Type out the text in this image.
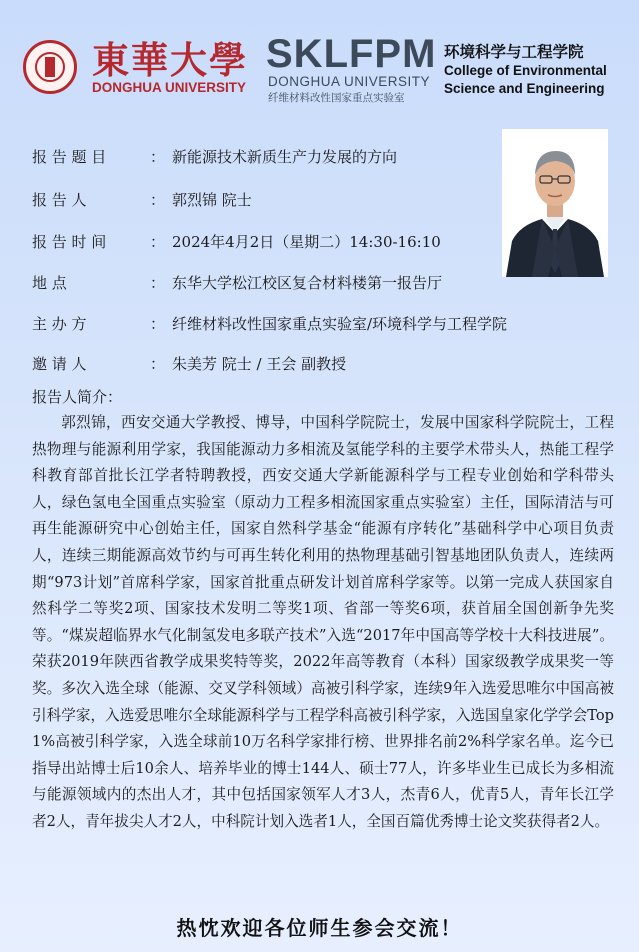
東華大學
DONGHUA UNIVERSITY
SKLFPM
DONGHUA UNIVERSITY
纤维材料改性国家重点实验室
环境科学与工程学院
College of Environmental Science and Engineering
报 告 题 目	： 新能源技术新质生产力发展的方向
报 告 人	： 郭烈锦 院士
报 告 时 间	： 2024年4月2日（星期二）14:30-16:10
地 点	： 东华大学松江校区复合材料楼第一报告厅
主 办 方	： 纤维材料改性国家重点实验室/环境科学与工程学院
邀 请 人	： 朱美芳 院士 / 王会 副教授
报告人简介：

郭烈锦，西安交通大学教授、博导，中国科学院院士，发展中国家科学院院士，工程热物理与能源利用学家，我国能源动力多相流及氢能学科的主要学术带头人，热能工程学科教育部首批长江学者特聘教授，西安交通大学新能源科学与工程专业创始和学科带头人，绿色氢电全国重点实验室（原动力工程多相流国家重点实验室）主任，国际清洁与可再生能源研究中心创始主任，国家自然科学基金“能源有序转化”基础科学中心项目负责人，连续三期能源高效节约与可再生转化利用的热物理基础引智基地团队负责人，连续两期“973计划”首席科学家，国家首批重点研发计划首席科学家等。以第一完成人获国家自然科学二等奖2项、国家技术发明二等奖1项、省部一等奖6项，获首届全国创新争先奖等。“煤炭超临界水气化制氢发电多联产技术”入选“2017年中国高等学校十大科技进展”。荣获2019年陕西省教学成果奖特等奖，2022年高等教育（本科）国家级教学成果奖一等奖。多次入选全球（能源、交叉学科领域）高被引科学家，连续9年入选爱思唯尔中国高被引科学家，入选爱思唯尔全球能源科学与工程学科高被引科学家，入选国皇家化学学会Top 1%高被引科学家，入选全球前10万名科学家排行榜、世界排名前2%科学家名单。迄今已指导出站博士后10余人、培养毕业的博士144人、硕士77人，许多毕业生已成长为多相流与能源领域内的杰出人才，其中包括国家领军人才3人，杰青6人，优青5人，青年长江学者2人，青年拔尖人才2人，中科院计划入选者1人，全国百篇优秀博士论文奖获得者2人。

热忱欢迎各位师生参会交流！
